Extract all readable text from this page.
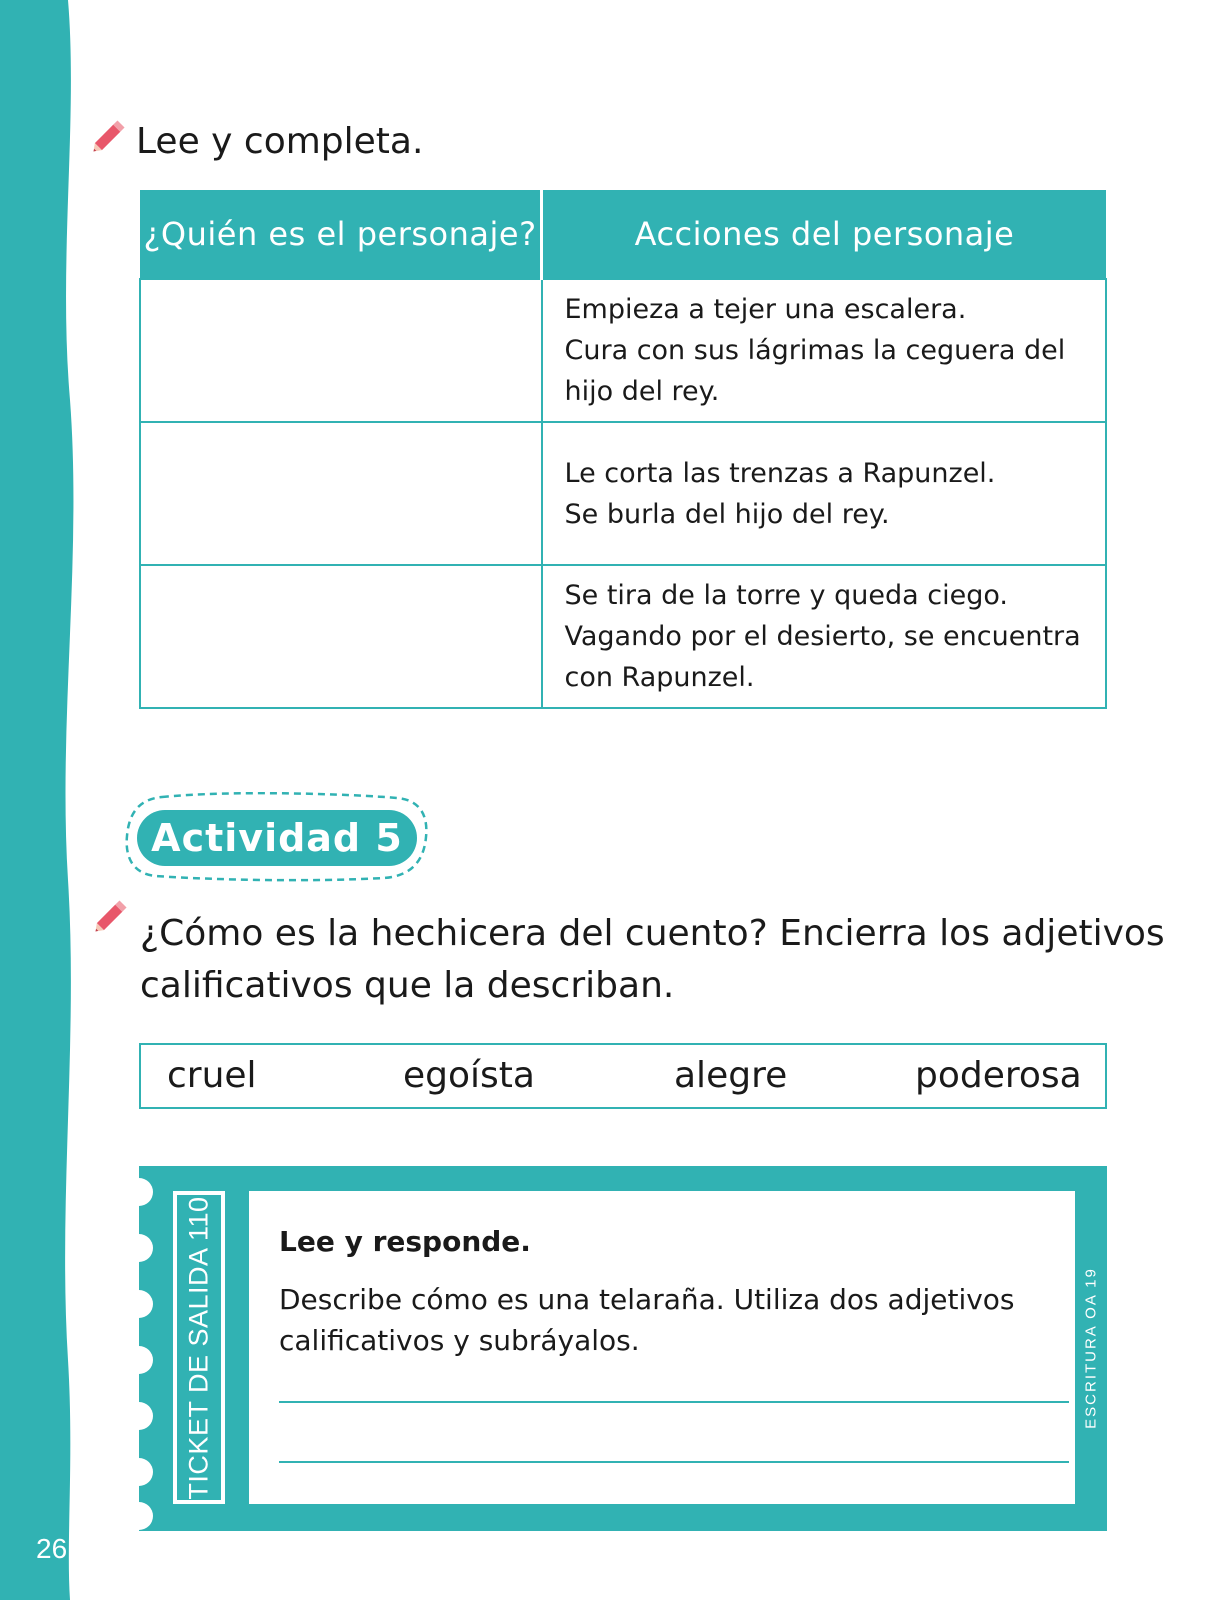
26
Lee y completa.
¿Quién es el personaje?	Acciones del personaje

	Empieza a tejer una escalera.
Cura con sus lágrimas la ceguera del
hijo del rey.

	Le corta las trenzas a Rapunzel.
Se burla del hijo del rey.

	Se tira de la torre y queda ciego.
Vagando por el desierto, se encuentra
con Rapunzel.
Actividad 5
¿Cómo es la hechicera del cuento? Encierra los adjetivos
calificativos que la describan.
cruel	egoísta	alegre	poderosa
TICKET DE SALIDA 110 Lee y responde.
Describe cómo es una telaraña. Utiliza dos adjetivos
calificativos y subráyalos.	ESCRITURA OA 19
